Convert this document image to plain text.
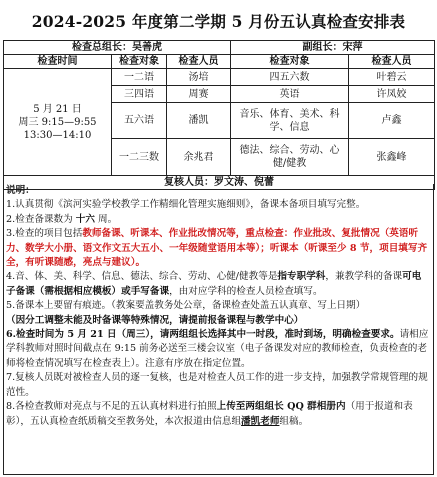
2024-2025 年度第二学期 5 月份五认真检查安排表
检查总组长：吴善虎			副组长：宋萍	
检查时间	检查对象	检查人员	检查对象	检查人员

5 月 21 日
周三 9:15—9:55
13:30—14:10	一二语	汤培	四五六数	叶碧云
	三四语	周赛	英语	许凤姣
	五六语	潘凯	音乐、体育、美术、科学、信息	卢鑫
	一二三数	余兆君	德法、综合、劳动、心健/健教	张鑫峰
复核人员：罗文涛、倪蕾				

说明：

1.认真贯彻《滨河实验学校教学工作精细化管理实施细则》，备课本备项目填写完整。

2.检查备课数为 十六 周。

3.检查的项目包括教师备课、听课本、作业批改情况等，重点检查：作业批改、复批情况（英语听力、数学大小册、语文作文五大五小、一年级随堂语用本等）；听课本（听课至少 8 节，项目填写齐全，有听课随感，亮点与建议）。

4.音、体、美、科学、信息、德法、综合、劳动、心健/健教等是指专职学科，兼教学科的备课可电子备课（需根据相应模板）或手写备课，由对应学科的检查人员检查填写。

5.备课本上要留有痕迹。（教案要盖教务处公章，备课检查处盖五认真章、写上日期）
（因分工调整未能及时备课等特殊情况，请提前报备课程与教学中心）

6.检查时间为 5 月 21 日（周三），请两组组长选择其中一时段，准时到场，明确检查要求。请相应学科教师对照时间截点在 9:15 前务必送至三楼会议室（电子备课发对应的教师检查，负责检查的老师将检查情况填写在检查表上）。注意有序放在指定位置。

7.复核人员既对被检查人员的逐一复核，也是对检查人员工作的进一步支持，加强教学常规管理的规范性。

8.各检查教师对亮点与不足的五认真材料进行拍照上传至两组组长 QQ 群相册内（用于报道和表彰），五认真检查纸质稿交至教务处，本次报道由信息组潘凯老师组稿。
